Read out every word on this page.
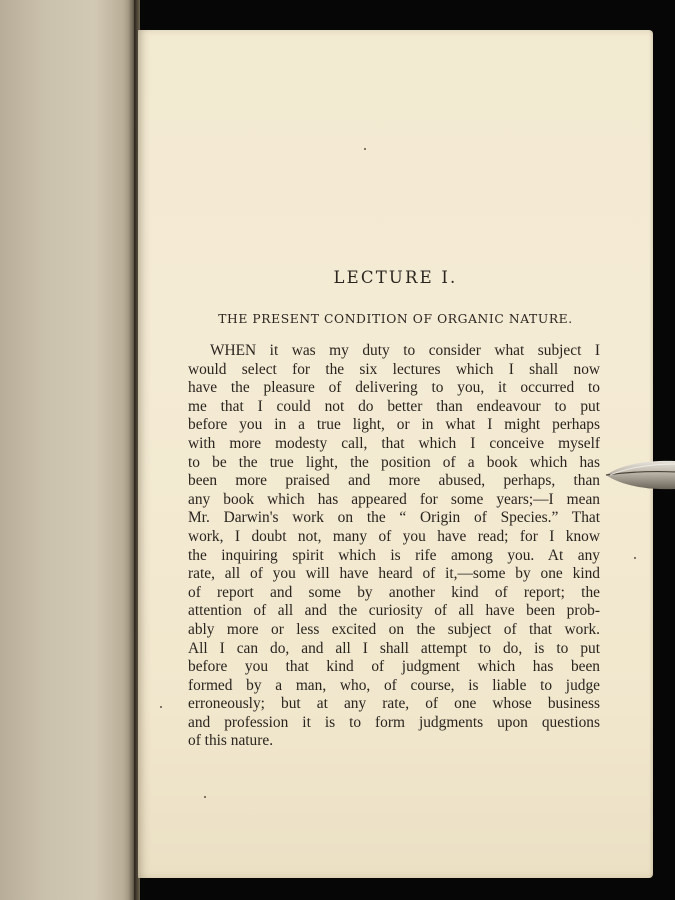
LECTURE I.
THE PRESENT CONDITION OF ORGANIC NATURE.
WHEN it was my duty to consider what subject I
would select for the six lectures which I shall now
have the pleasure of delivering to you, it occurred to
me that I could not do better than endeavour to put
before you in a true light, or in what I might perhaps
with more modesty call, that which I conceive myself
to be the true light, the position of a book which has
been more praised and more abused, perhaps, than
any book which has appeared for some years;—I mean
Mr. Darwin's work on the “ Origin of Species.” That
work, I doubt not, many of you have read; for I know
the inquiring spirit which is rife among you. At any
rate, all of you will have heard of it,—some by one kind
of report and some by another kind of report; the
attention of all and the curiosity of all have been prob-
ably more or less excited on the subject of that work.
All I can do, and all I shall attempt to do, is to put
before you that kind of judgment which has been
formed by a man, who, of course, is liable to judge
erroneously; but at any rate, of one whose business
and profession it is to form judgments upon questions
of this nature.
